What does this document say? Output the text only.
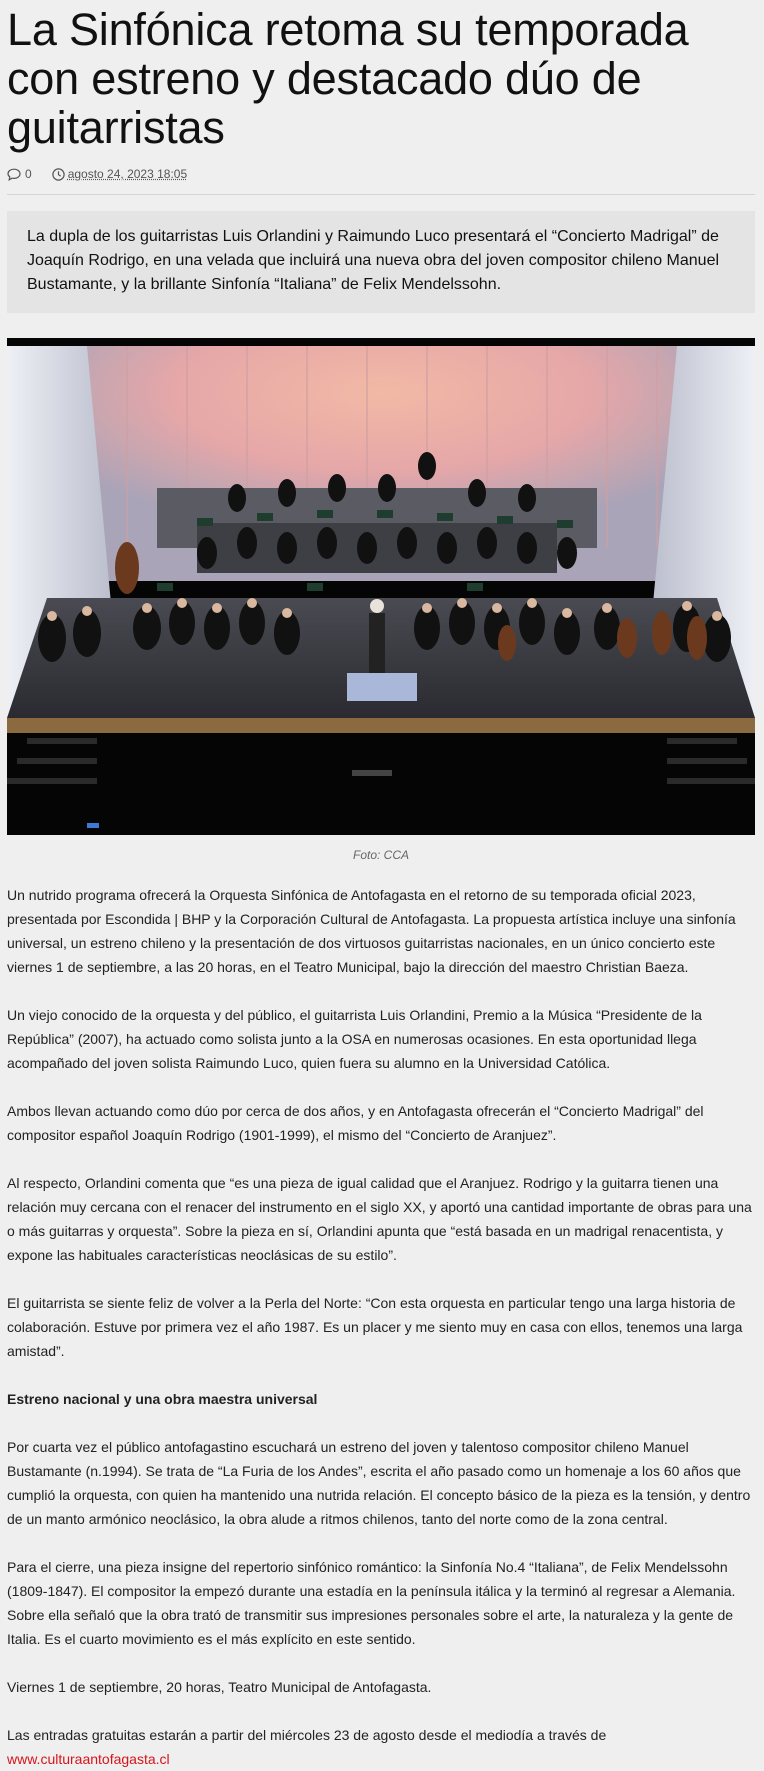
La Sinfónica retoma su temporada con estreno y destacado dúo de guitarristas
0	agosto 24, 2023 18:05
La dupla de los guitarristas Luis Orlandini y Raimundo Luco presentará el “Concierto Madrigal” de Joaquín Rodrigo, en una velada que incluirá una nueva obra del joven compositor chileno Manuel Bustamante, y la brillante Sinfonía “Italiana” de Felix Mendelssohn.
Foto: CCA

Un nutrido programa ofrecerá la Orquesta Sinfónica de Antofagasta en el retorno de su temporada oficial 2023, presentada por Escondida | BHP y la Corporación Cultural de Antofagasta. La propuesta artística incluye una sinfonía universal, un estreno chileno y la presentación de dos virtuosos guitarristas nacionales, en un único concierto este viernes 1 de septiembre, a las 20 horas, en el Teatro Municipal, bajo la dirección del maestro Christian Baeza.

Un viejo conocido de la orquesta y del público, el guitarrista Luis Orlandini, Premio a la Música “Presidente de la República” (2007), ha actuado como solista junto a la OSA en numerosas ocasiones. En esta oportunidad llega acompañado del joven solista Raimundo Luco, quien fuera su alumno en la Universidad Católica.

Ambos llevan actuando como dúo por cerca de dos años, y en Antofagasta ofrecerán el “Concierto Madrigal” del compositor español Joaquín Rodrigo (1901-1999), el mismo del “Concierto de Aranjuez”.

Al respecto, Orlandini comenta que “es una pieza de igual calidad que el Aranjuez. Rodrigo y la guitarra tienen una relación muy cercana con el renacer del instrumento en el siglo XX, y aportó una cantidad importante de obras para una o más guitarras y orquesta”. Sobre la pieza en sí, Orlandini apunta que “está basada en un madrigal renacentista, y expone las habituales características neoclásicas de su estilo”.

El guitarrista se siente feliz de volver a la Perla del Norte: “Con esta orquesta en particular tengo una larga historia de colaboración. Estuve por primera vez el año 1987. Es un placer y me siento muy en casa con ellos, tenemos una larga amistad”.

Estreno nacional y una obra maestra universal

Por cuarta vez el público antofagastino escuchará un estreno del joven y talentoso compositor chileno Manuel Bustamante (n.1994). Se trata de “La Furia de los Andes”, escrita el año pasado como un homenaje a los 60 años que cumplió la orquesta, con quien ha mantenido una nutrida relación. El concepto básico de la pieza es la tensión, y dentro de un manto armónico neoclásico, la obra alude a ritmos chilenos, tanto del norte como de la zona central.

Para el cierre, una pieza insigne del repertorio sinfónico romántico: la Sinfonía No.4 “Italiana”, de Felix Mendelssohn (1809-1847). El compositor la empezó durante una estadía en la península itálica y la terminó al regresar a Alemania. Sobre ella señaló que la obra trató de transmitir sus impresiones personales sobre el arte, la naturaleza y la gente de Italia. Es el cuarto movimiento es el más explícito en este sentido.

Viernes 1 de septiembre, 20 horas, Teatro Municipal de Antofagasta.

Las entradas gratuitas estarán a partir del miércoles 23 de agosto desde el mediodía a través de
www.culturaantofagasta.cl
